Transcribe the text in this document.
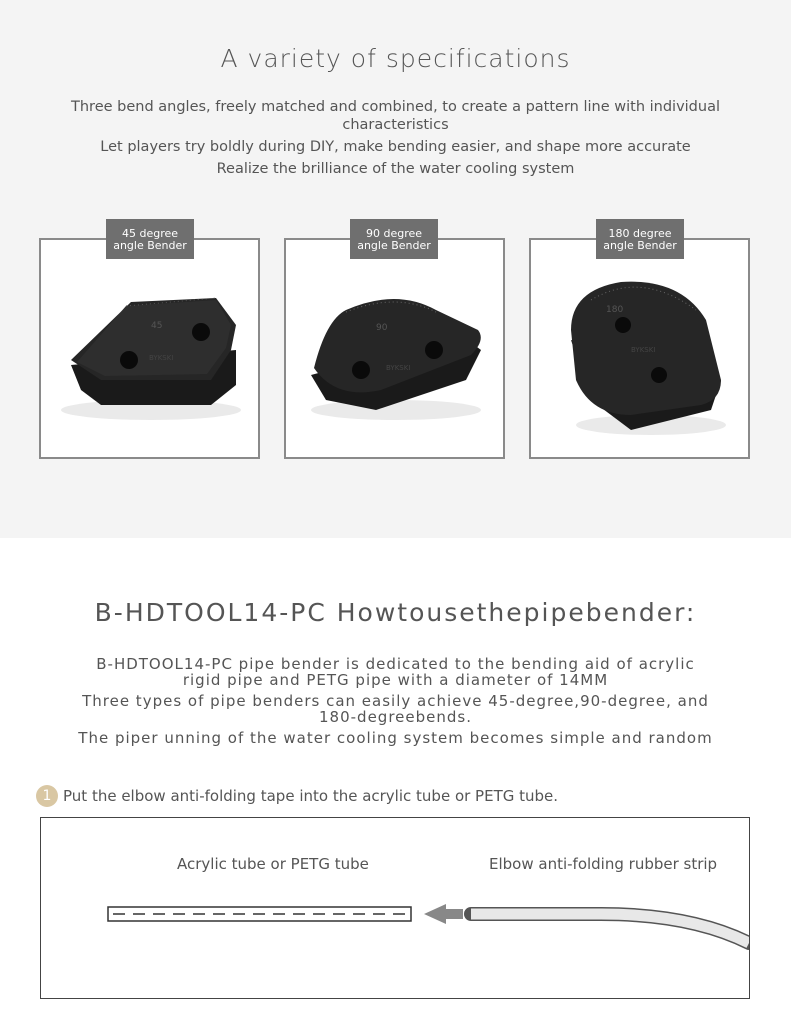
A variety of specifications
Three bend angles, freely matched and combined, to create a pattern line with individual characteristics
Let players try boldly during DIY, make bending easier, and shape more accurate
Realize the brilliance of the water cooling system
45
BYKSKI
45 degree
angle Bender
90
BYKSKI
90 degree
angle Bender
180
BYKSKI
180 degree
angle Bender
B-HDTOOL14-PC Howtousethepipebender:
B-HDTOOL14-PC pipe bender is dedicated to the bending aid of acrylic
rigid pipe and PETG pipe with a diameter of 14MM
Three types of pipe benders can easily achieve 45-degree,90-degree, and
180-degreebends.
The piper unning of the water cooling system becomes simple and random
1 Put the elbow anti-folding tape into the acrylic tube or PETG tube.
Acrylic tube or PETG tube	Elbow anti-folding rubber strip
